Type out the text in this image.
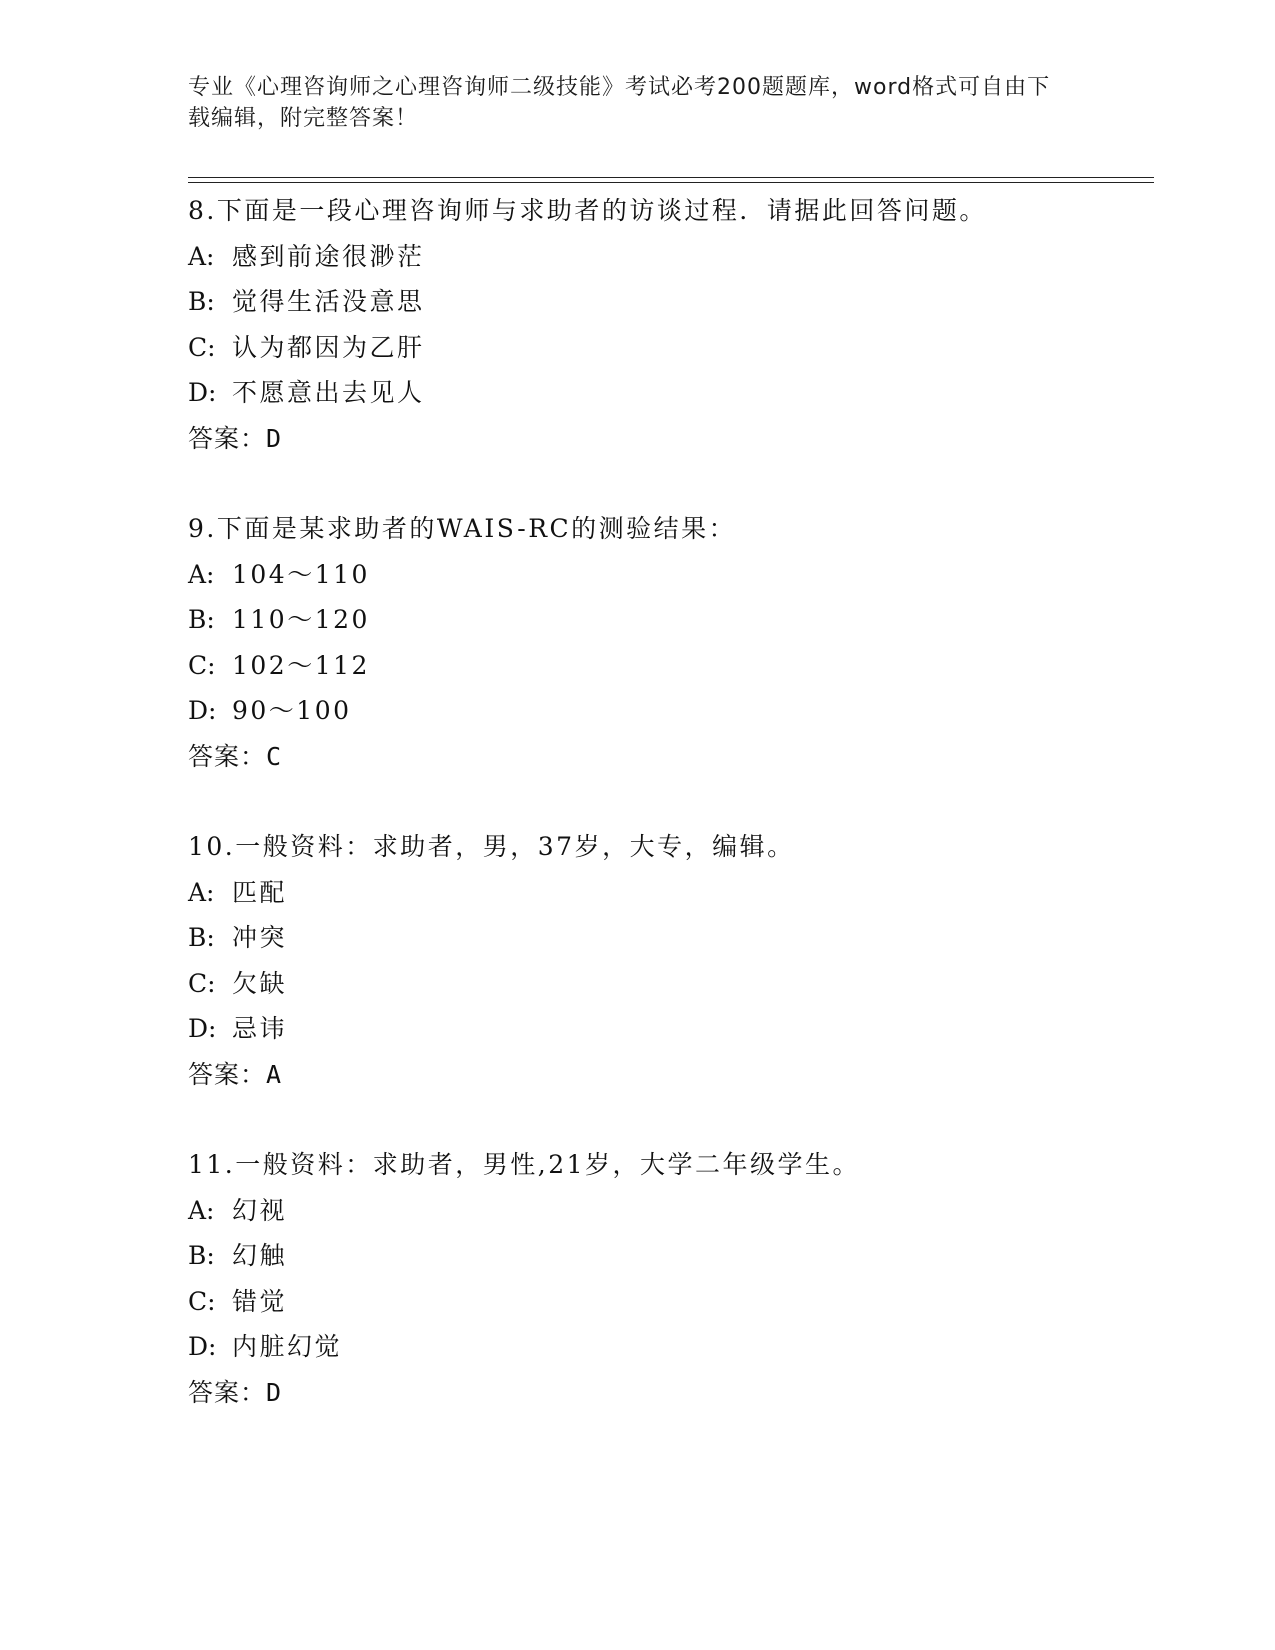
专业《心理咨询师之心理咨询师二级技能》考试必考200题题库，word格式可自由下载编辑，附完整答案！
8.下面是一段心理咨询师与求助者的访谈过程．请据此回答问题。
A: 感到前途很渺茫
B: 觉得生活没意思
C: 认为都因为乙肝
D: 不愿意出去见人
答案：D
9.下面是某求助者的WAIS-RC的测验结果：
A: 104～110
B: 110～120
C: 102～112
D: 90～100
答案：C
10.一般资料：求助者，男，37岁，大专，编辑。
A: 匹配
B: 冲突
C: 欠缺
D: 忌讳
答案：A
11.一般资料：求助者，男性,21岁，大学二年级学生。
A: 幻视
B: 幻触
C: 错觉
D: 内脏幻觉
答案：D
